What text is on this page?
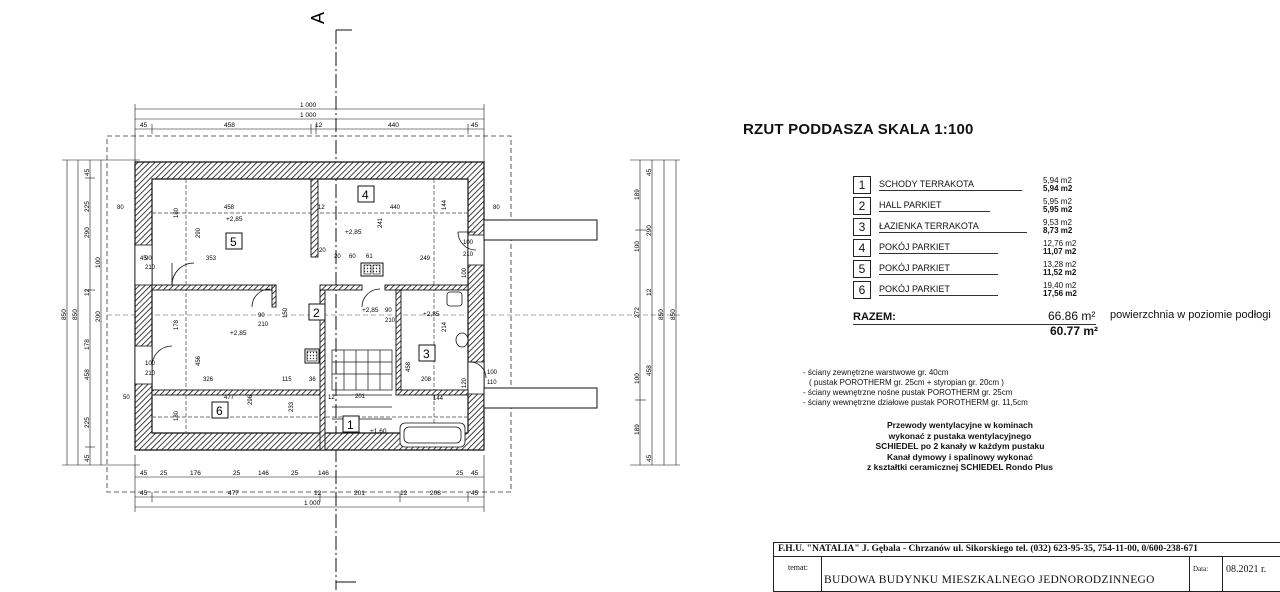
A
1 000
1 000
45	458	12	440	45
45 25	176	25	146	25	146	25 45
45	477	12	201	12	208	45
1 000
850 850
45
225
100
290
12
200
178
458
225
45
45
189
100
290
12
272
100
458
189
45
850 850
5
2
3
4
6
1
+2,85
+2,85
+2,85
+2,85
+2,85
+1,60
458
290
353	249
440
241
144
80	80
326
477 296
233
115	36
201
208
144
180
180
178
456
120
214
458
90
210
100
210
100
210	100
110
50
45	61
20
60
150
100
20
12
12
90
210
90
210
RZUT PODDASZA SKALA 1:100
1	SCHODY TERRAKOTA	5,94 m2
5,94 m2
2	HALL PARKIET	5,95 m2
5,95 m2
3	ŁAZIENKA TERRAKOTA	9,53 m2
8,73 m2
4	POKÓJ PARKIET	12,76 m2
11,07 m2
5	POKÓJ PARKIET	13,28 m2
11,52 m2
6	POKÓJ PARKIET	19,40 m2
17,56 m2
RAZEM:	66.86 m²
60.77 m²
powierzchnia w poziomie podłogi
- ściany zewnętrzne warstwowe gr. 40cm
( pustak POROTHERM gr. 25cm + styropian gr. 20cm )
- ściany wewnętrzne nośne pustak POROTHERM gr. 25cm
- ściany wewnętrzne działowe pustak POROTHERM gr. 11,5cm
Przewody wentylacyjne w kominach
wykonać z pustaka wentylacyjnego
SCHIEDEL po 2 kanały w każdym pustaku
Kanał dymowy i spalinowy wykonać
z kształtki ceramicznej SCHIEDEL Rondo Plus
F.H.U. "NATALIA" J. Gębala - Chrzanów ul. Sikorskiego tel. (032) 623-95-35, 754-11-00, 0/600-238-671
temat:
BUDOWA BUDYNKU MIESZKALNEGO JEDNORODZINNEGO
Data: 08.2021 r.
